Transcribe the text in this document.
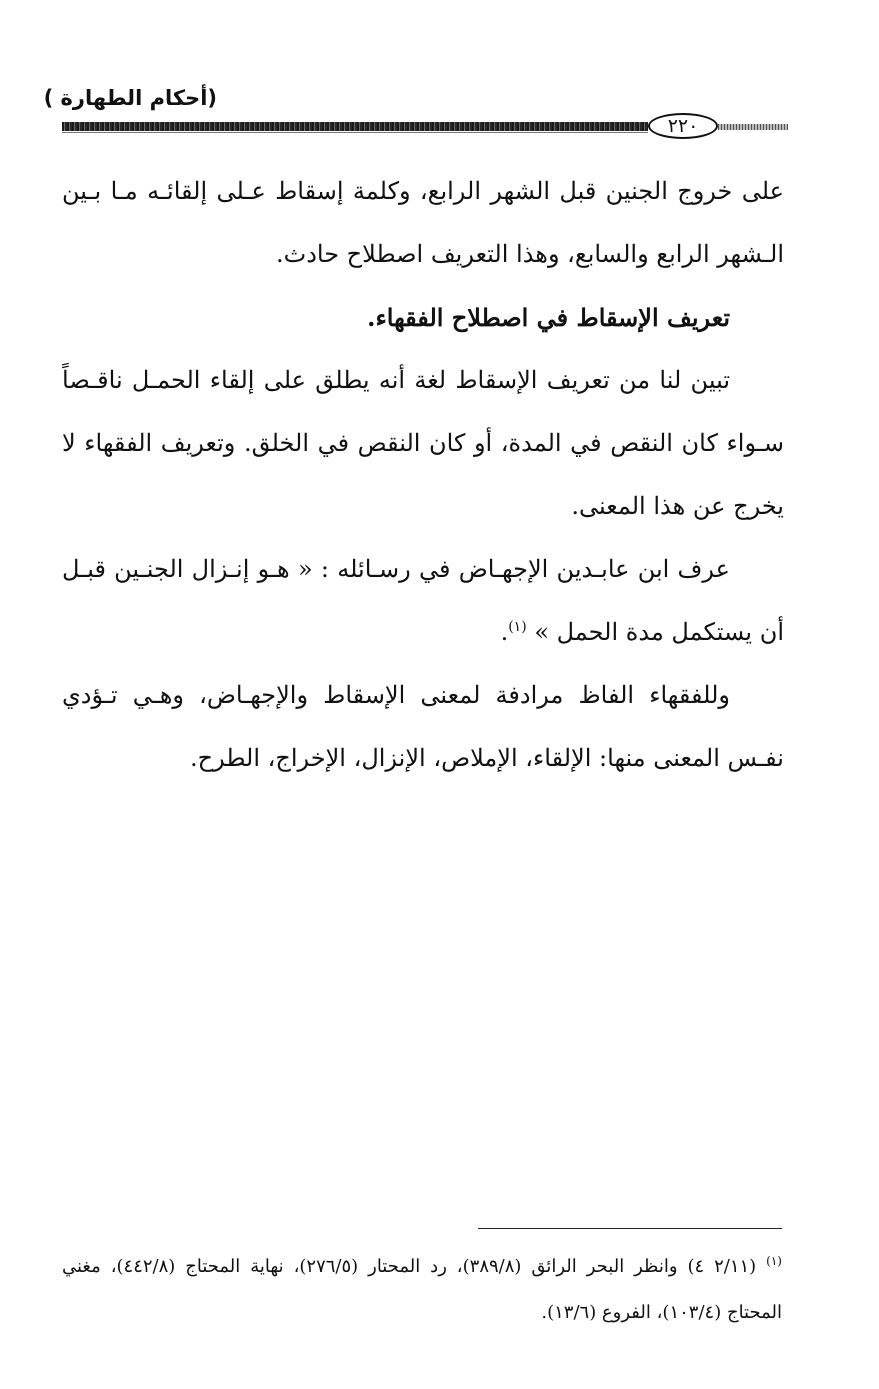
(أحكام الطهارة )
٢٢٠

على خروج الجنين قبل الشهر الرابع، وكلمة إسقاط عـلى إلقائـه مـا بـين الـشهر الرابع والسابع، وهذا التعريف اصطلاح حادث.

تعريف الإسقاط في اصطلاح الفقهاء.

تبين لنا من تعريف الإسقاط لغة أنه يطلق على إلقاء الحمـل ناقـصاً سـواء كان النقص في المدة، أو كان النقص في الخلق. وتعريف الفقهاء لا يخرج عن هذا المعنى.

عرف ابن عابـدين الإجهـاض في رسـائله : « هـو إنـزال الجنـين قبـل أن يستكمل مدة الحمل » $^{(١)}$.

وللفقهاء الفاظ مرادفة لمعنى الإسقاط والإجهـاض، وهـي تـؤدي نفـس المعنى منها: الإلقاء، الإملاص، الإنزال، الإخراج، الطرح.

$^{(١)}$ (٢/١١ ٤) وانظر البحر الرائق (٣٨٩/٨)، رد المحتار (٢٧٦/٥)، نهاية المحتاج (٤٤٢/٨)، مغني المحتاج (١٠٣/٤)، الفروع (١٣/٦).
